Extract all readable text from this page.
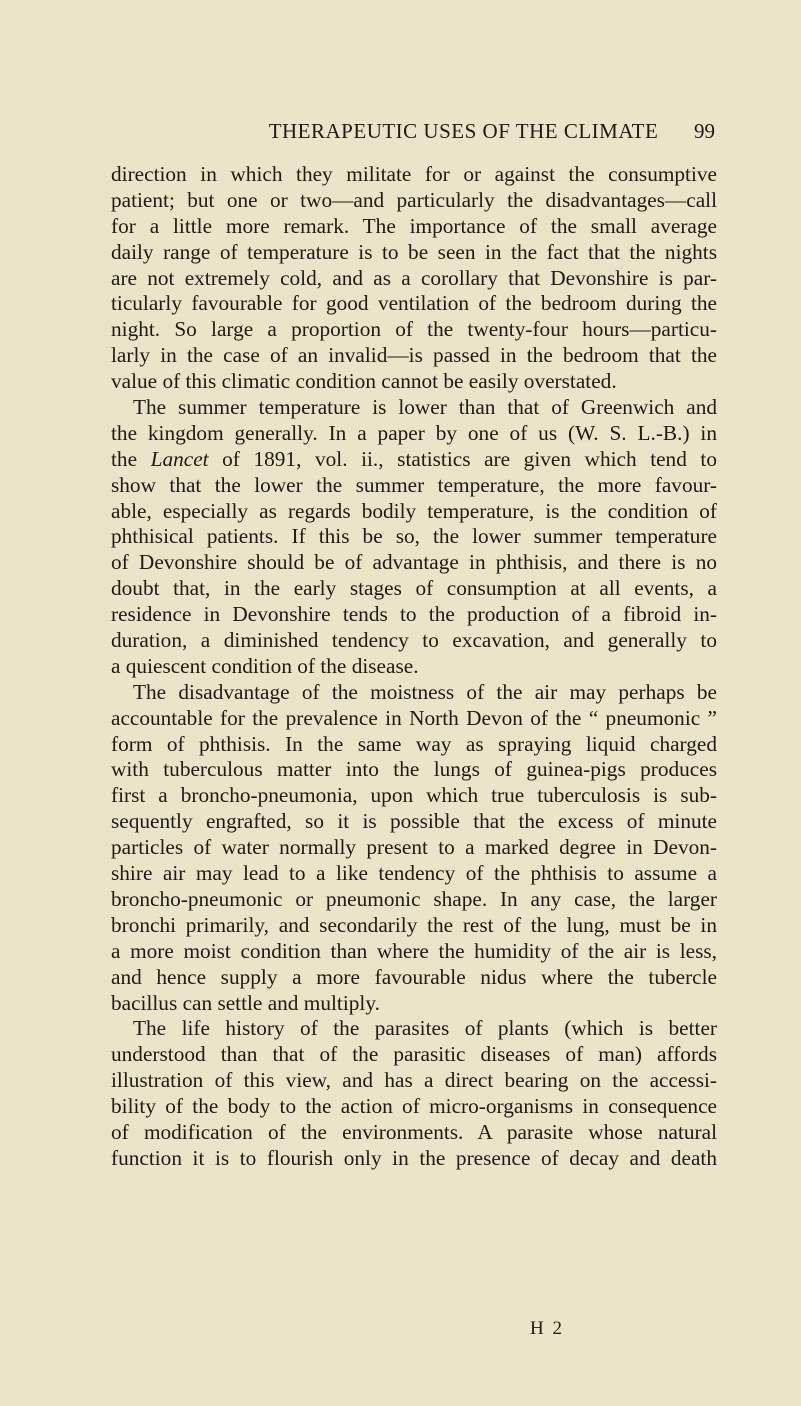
THERAPEUTIC USES OF THE CLIMATE	99
direction in which they militate for or against the consumptive
patient; but one or two—and particularly the disadvantages—call
for a little more remark. The importance of the small average
daily range of temperature is to be seen in the fact that the nights
are not extremely cold, and as a corollary that Devonshire is par-
ticularly favourable for good ventilation of the bedroom during the
night. So large a proportion of the twenty-four hours—particu-
larly in the case of an invalid—is passed in the bedroom that the
value of this climatic condition cannot be easily overstated.
The summer temperature is lower than that of Greenwich and
the kingdom generally. In a paper by one of us (W. S. L.-B.) in
the Lancet of 1891, vol. ii., statistics are given which tend to
show that the lower the summer temperature, the more favour-
able, especially as regards bodily temperature, is the condition of
phthisical patients. If this be so, the lower summer temperature
of Devonshire should be of advantage in phthisis, and there is no
doubt that, in the early stages of consumption at all events, a
residence in Devonshire tends to the production of a fibroid in-
duration, a diminished tendency to excavation, and generally to
a quiescent condition of the disease.
The disadvantage of the moistness of the air may perhaps be
accountable for the prevalence in North Devon of the “ pneumonic ”
form of phthisis. In the same way as spraying liquid charged
with tuberculous matter into the lungs of guinea-pigs produces
first a broncho-pneumonia, upon which true tuberculosis is sub-
sequently engrafted, so it is possible that the excess of minute
particles of water normally present to a marked degree in Devon-
shire air may lead to a like tendency of the phthisis to assume a
broncho-pneumonic or pneumonic shape. In any case, the larger
bronchi primarily, and secondarily the rest of the lung, must be in
a more moist condition than where the humidity of the air is less,
and hence supply a more favourable nidus where the tubercle
bacillus can settle and multiply.
The life history of the parasites of plants (which is better
understood than that of the parasitic diseases of man) affords
illustration of this view, and has a direct bearing on the accessi-
bility of the body to the action of micro-organisms in consequence
of modification of the environments. A parasite whose natural
function it is to flourish only in the presence of decay and death
H 2
